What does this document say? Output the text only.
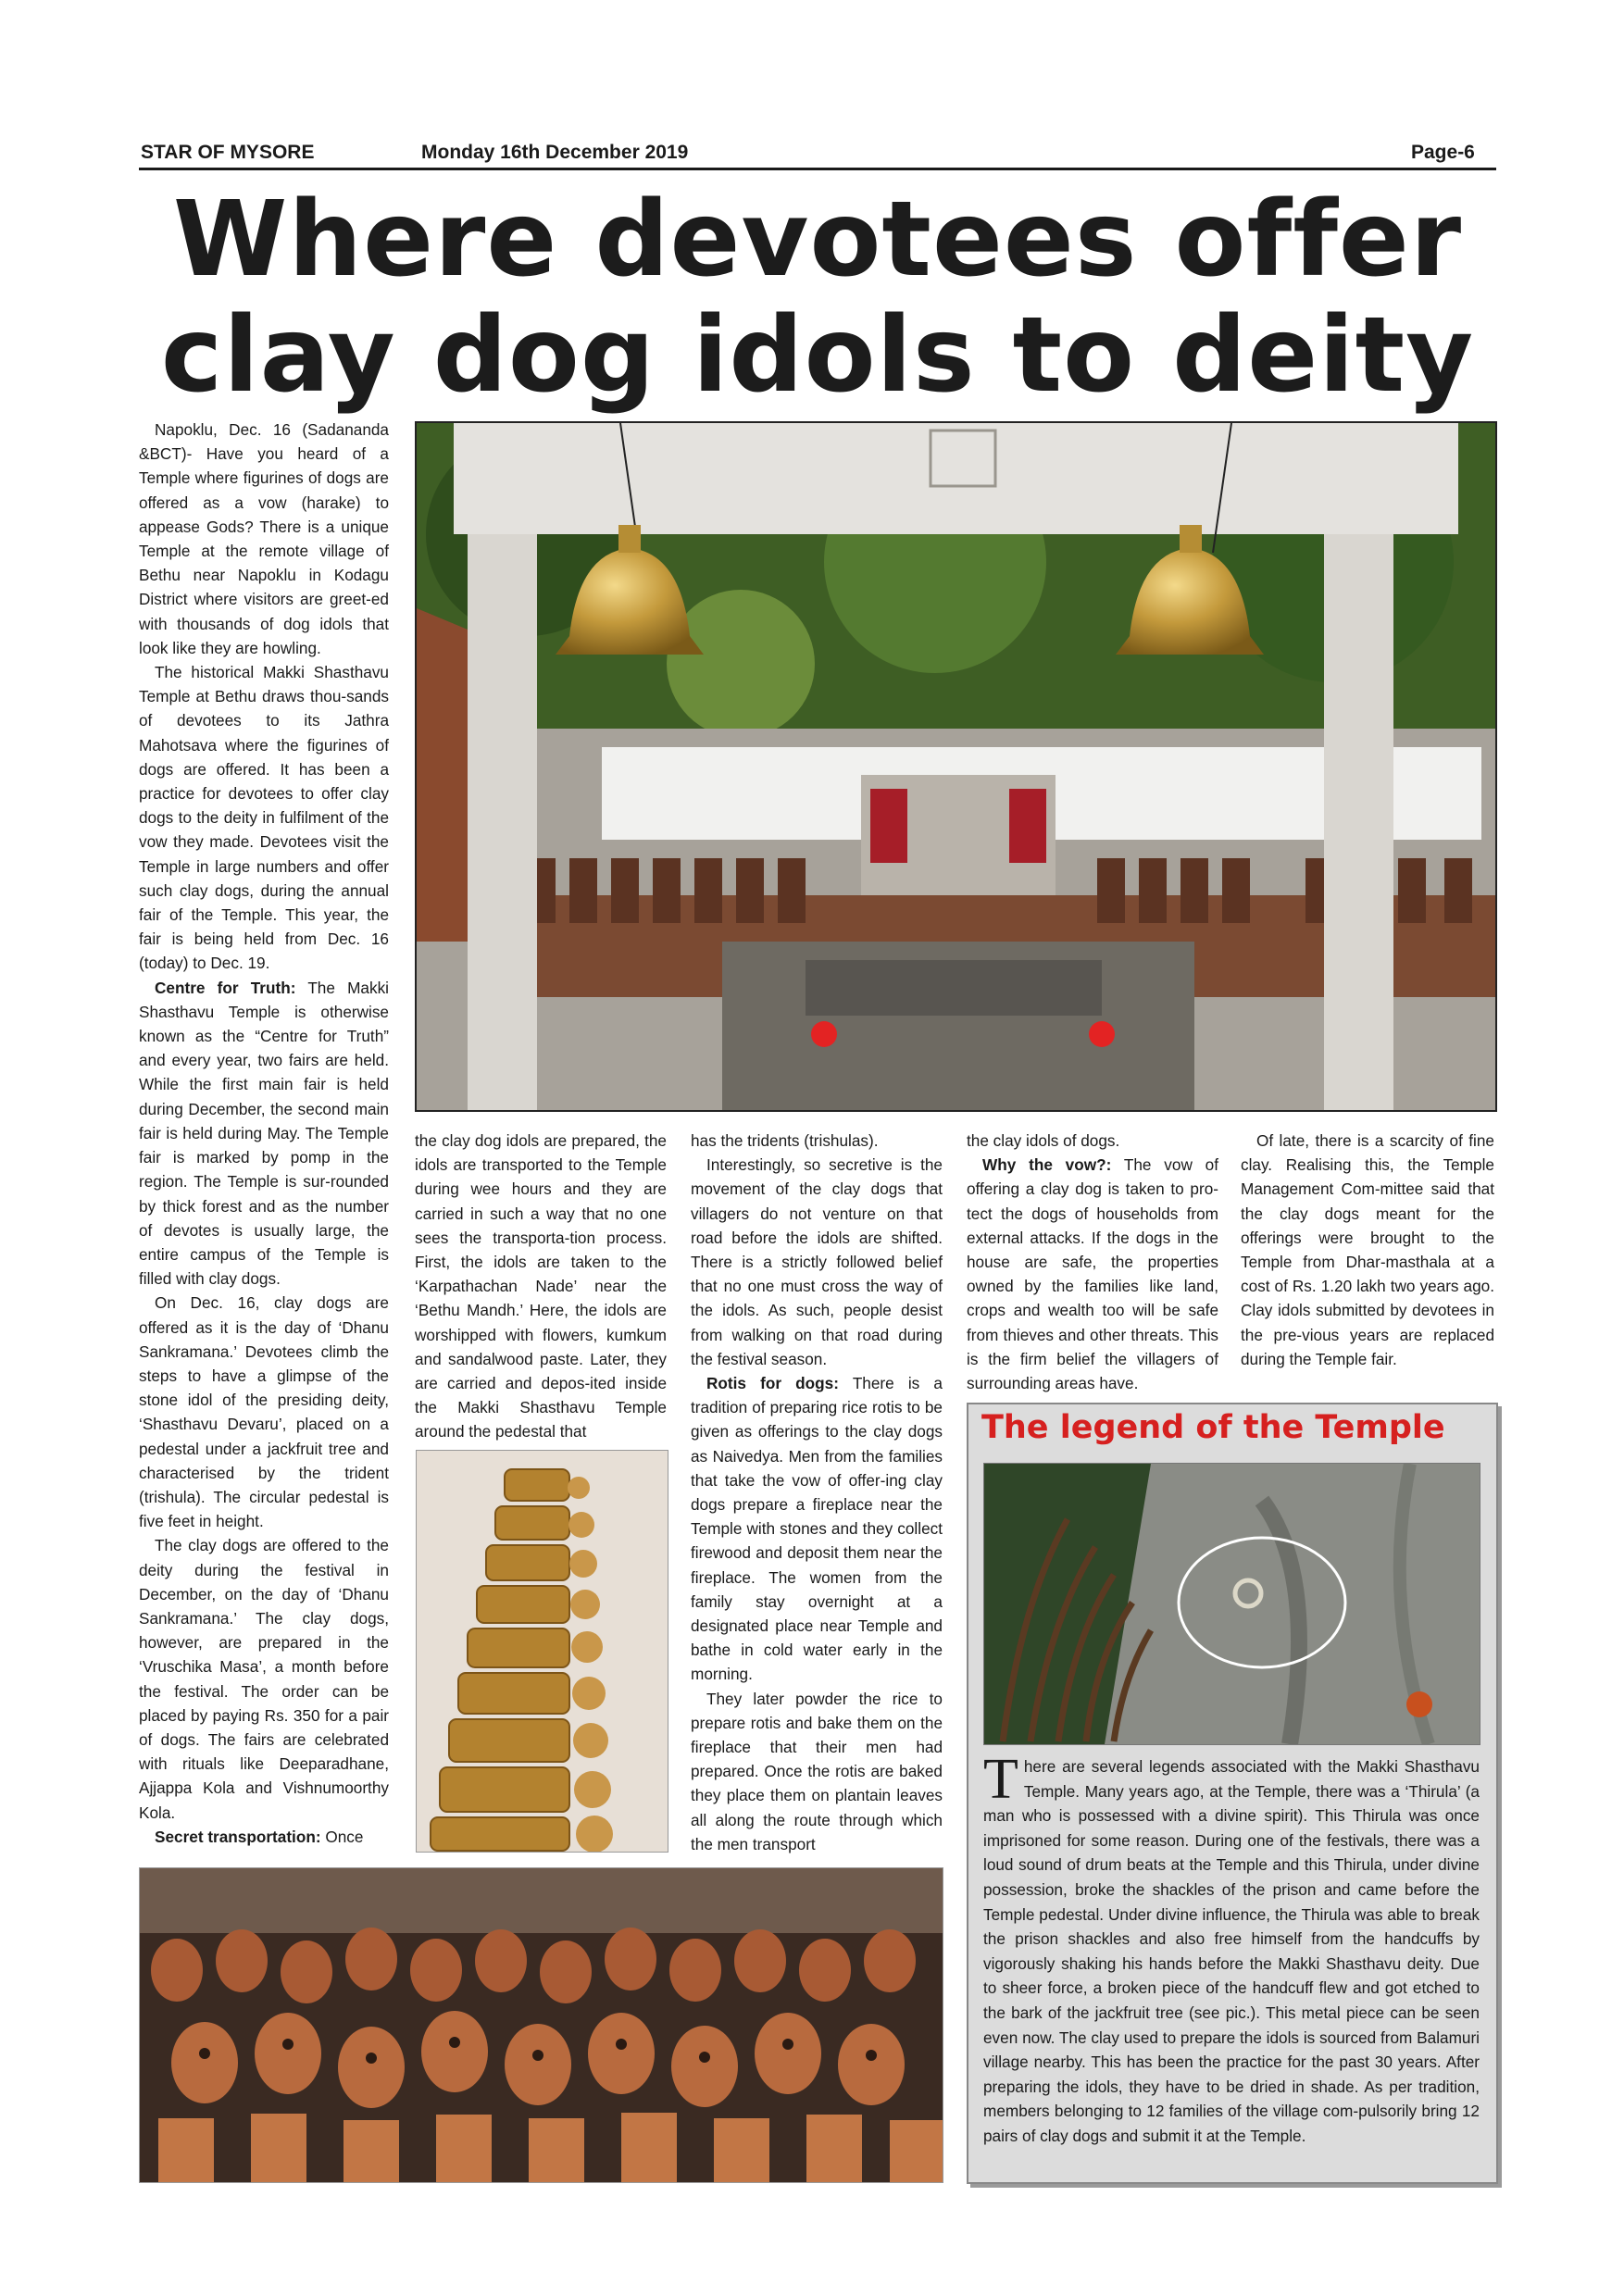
STAR OF MYSORE	Monday 16th December 2019	Page-6
Where devotees offer
clay dog idols to deity

Napoklu, Dec. 16 (Sadananda &BCT)- Have you heard of a Temple where figurines of dogs are offered as a vow (harake) to appease Gods? There is a unique Temple at the remote village of Bethu near Napoklu in Kodagu District where visitors are greet-ed with thousands of dog idols that look like they are howling.

The historical Makki Shasthavu Temple at Bethu draws thou-sands of devotees to its Jathra Mahotsava where the figurines of dogs are offered. It has been a practice for devotees to offer clay dogs to the deity in fulfilment of the vow they made. Devotees visit the Temple in large numbers and offer such clay dogs, during the annual fair of the Temple. This year, the fair is being held from Dec. 16 (today) to Dec. 19.

Centre for Truth: The Makki Shasthavu Temple is otherwise known as the “Centre for Truth” and every year, two fairs are held. While the first main fair is held during December, the second main fair is held during May. The Temple fair is marked by pomp in the region. The Temple is sur-rounded by thick forest and as the number of devotes is usually large, the entire campus of the Temple is filled with clay dogs.

On Dec. 16, clay dogs are offered as it is the day of ‘Dhanu Sankramana.’ Devotees climb the steps to have a glimpse of the stone idol of the presiding deity, ‘Shasthavu Devaru’, placed on a pedestal under a jackfruit tree and characterised by the trident (trishula). The circular pedestal is five feet in height.

The clay dogs are offered to the deity during the festival in December, on the day of ‘Dhanu Sankramana.’ The clay dogs, however, are prepared in the ‘Vruschika Masa’, a month before the festival. The order can be placed by paying Rs. 350 for a pair of dogs. The fairs are celebrated with rituals like Deeparadhane, Ajjappa Kola and Vishnumoorthy Kola.

Secret transportation: Once

the clay dog idols are prepared, the idols are transported to the Temple during wee hours and they are carried in such a way that no one sees the transporta-tion process. First, the idols are taken to the ‘Karpathachan Nade’ near the ‘Bethu Mandh.’ Here, the idols are worshipped with flowers, kumkum and sandalwood paste. Later, they are carried and depos-ited inside the Makki Shasthavu Temple around the pedestal that

has the tridents (trishulas).

Interestingly, so secretive is the movement of the clay dogs that villagers do not venture on that road before the idols are shifted. There is a strictly followed belief that no one must cross the way of the idols. As such, people desist from walking on that road during the festival season.

Rotis for dogs: There is a tradition of preparing rice rotis to be given as offerings to the clay dogs as Naivedya. Men from the families that take the vow of offer-ing clay dogs prepare a fireplace near the Temple with stones and they collect firewood and deposit them near the fireplace. The women from the family stay overnight at a designated place near Temple and bathe in cold water early in the morning.

They later powder the rice to prepare rotis and bake them on the fireplace that their men had prepared. Once the rotis are baked they place them on plantain leaves all along the route through which the men transport

the clay idols of dogs.

Why the vow?: The vow of offering a clay dog is taken to pro-tect the dogs of households from external attacks. If the dogs in the house are safe, the properties owned by the families like land, crops and wealth too will be safe from thieves and other threats. This is the firm belief the villagers of surrounding areas have.

Of late, there is a scarcity of fine clay. Realising this, the Temple Management Com-mittee said that the clay dogs meant for the offerings were brought to the Temple from Dhar-masthala at a cost of Rs. 1.20 lakh two years ago. Clay idols submitted by devotees in the pre-vious years are replaced during the Temple fair.

The legend of the Temple
There are several legends associated with the Makki Shasthavu Temple. Many years ago, at the Temple, there was a ‘Thirula’ (a man who is possessed with a divine spirit). This Thirula was once imprisoned for some reason. During one of the festivals, there was a loud sound of drum beats at the Temple and this Thirula, under divine possession, broke the shackles of the prison and came before the Temple pedestal. Under divine influence, the Thirula was able to break the prison shackles and also free himself from the handcuffs by vigorously shaking his hands before the Makki Shasthavu deity. Due to sheer force, a broken piece of the handcuff flew and got etched to the bark of the jackfruit tree (see pic.). This metal piece can be seen even now. The clay used to prepare the idols is sourced from Balamuri village nearby. This has been the practice for the past 30 years. After preparing the idols, they have to be dried in shade. As per tradition, members belonging to 12 families of the village com-pulsorily bring 12 pairs of clay dogs and submit it at the Temple.
